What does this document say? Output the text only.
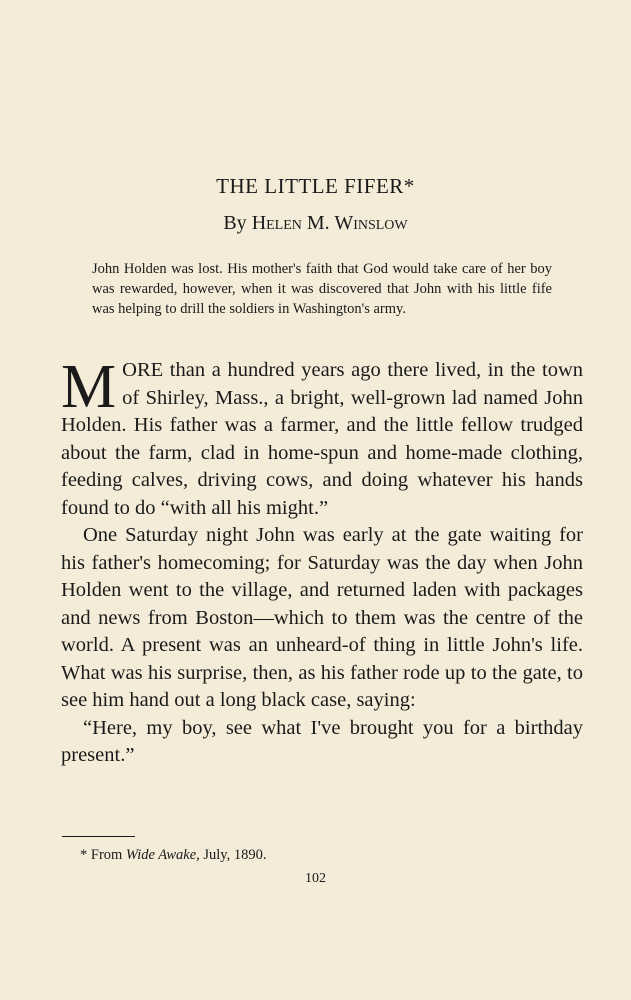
THE LITTLE FIFER*
By Helen M. Winslow
John Holden was lost. His mother's faith that God would take care of her boy was rewarded, however, when it was discovered that John with his little fife was helping to drill the soldiers in Washington's army.

MORE than a hundred years ago there lived, in the town of Shirley, Mass., a bright, well-grown lad named John Holden. His father was a farmer, and the little fellow trudged about the farm, clad in home-spun and home-made clothing, feeding calves, driving cows, and doing whatever his hands found to do “with all his might.”

One Saturday night John was early at the gate waiting for his father's homecoming; for Saturday was the day when John Holden went to the village, and returned laden with packages and news from Boston—which to them was the centre of the world. A present was an unheard-of thing in little John's life. What was his surprise, then, as his father rode up to the gate, to see him hand out a long black case, saying:

“Here, my boy, see what I've brought you for a birthday present.”

* From Wide Awake, July, 1890.
102
